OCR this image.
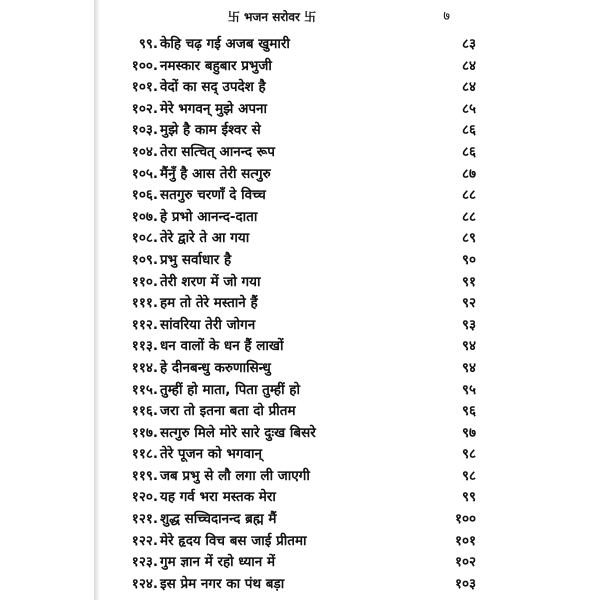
卐 भजन सरोवर 卐	७
९९. केहि चढ़ गई अजब खुमारी	८३
१००. नमस्कार बहुबार प्रभुजी	८४
१०१. वेदों का सद् उपदेश है	८४
१०२. मेरे भगवन् मुझे अपना	८५
१०३. मुझे है काम ईश्वर से	८६
१०४. तेरा सत्चित् आनन्द रूप	८६
१०५. मैंनुँ है आस तेरी सत्गुरु	८७
१०६. सतगुरु चरणाँ दे विच्च	८८
१०७. हे प्रभो आनन्द-दाता	८८
१०८. तेरे द्वारे ते आ गया	८९
१०९. प्रभु सर्वाधार है	९०
११०. तेरी शरण में जो गया	९१
१११. हम तो तेरे मस्ताने हैं	९२
११२. सांवरिया तेरी जोगन	९३
११३. धन वालों के धन हैं लाखों	९४
११४. हे दीनबन्धु करुणासिन्धु	९४
११५. तुम्हीं हो माता, पिता तुम्हीं हो	९५
११६. जरा तो इतना बता दो प्रीतम	९६
११७. सत्गुरु मिले मोरे सारे दुःख बिसरे	९७
११८. तेरे पूजन को भगवान्	९८
११९. जब प्रभु से लौ लगा ली जाएगी	९८
१२०. यह गर्व भरा मस्तक मेरा	९९
१२१. शुद्ध सच्चिदानन्द ब्रह्म मैं	१००
१२२. मेरे हृदय विच बस जाई प्रीतमा	१०१
१२३. गुम ज्ञान में रहो ध्यान में	१०२
१२४. इस प्रेम नगर का पंथ बड़ा	१०३
